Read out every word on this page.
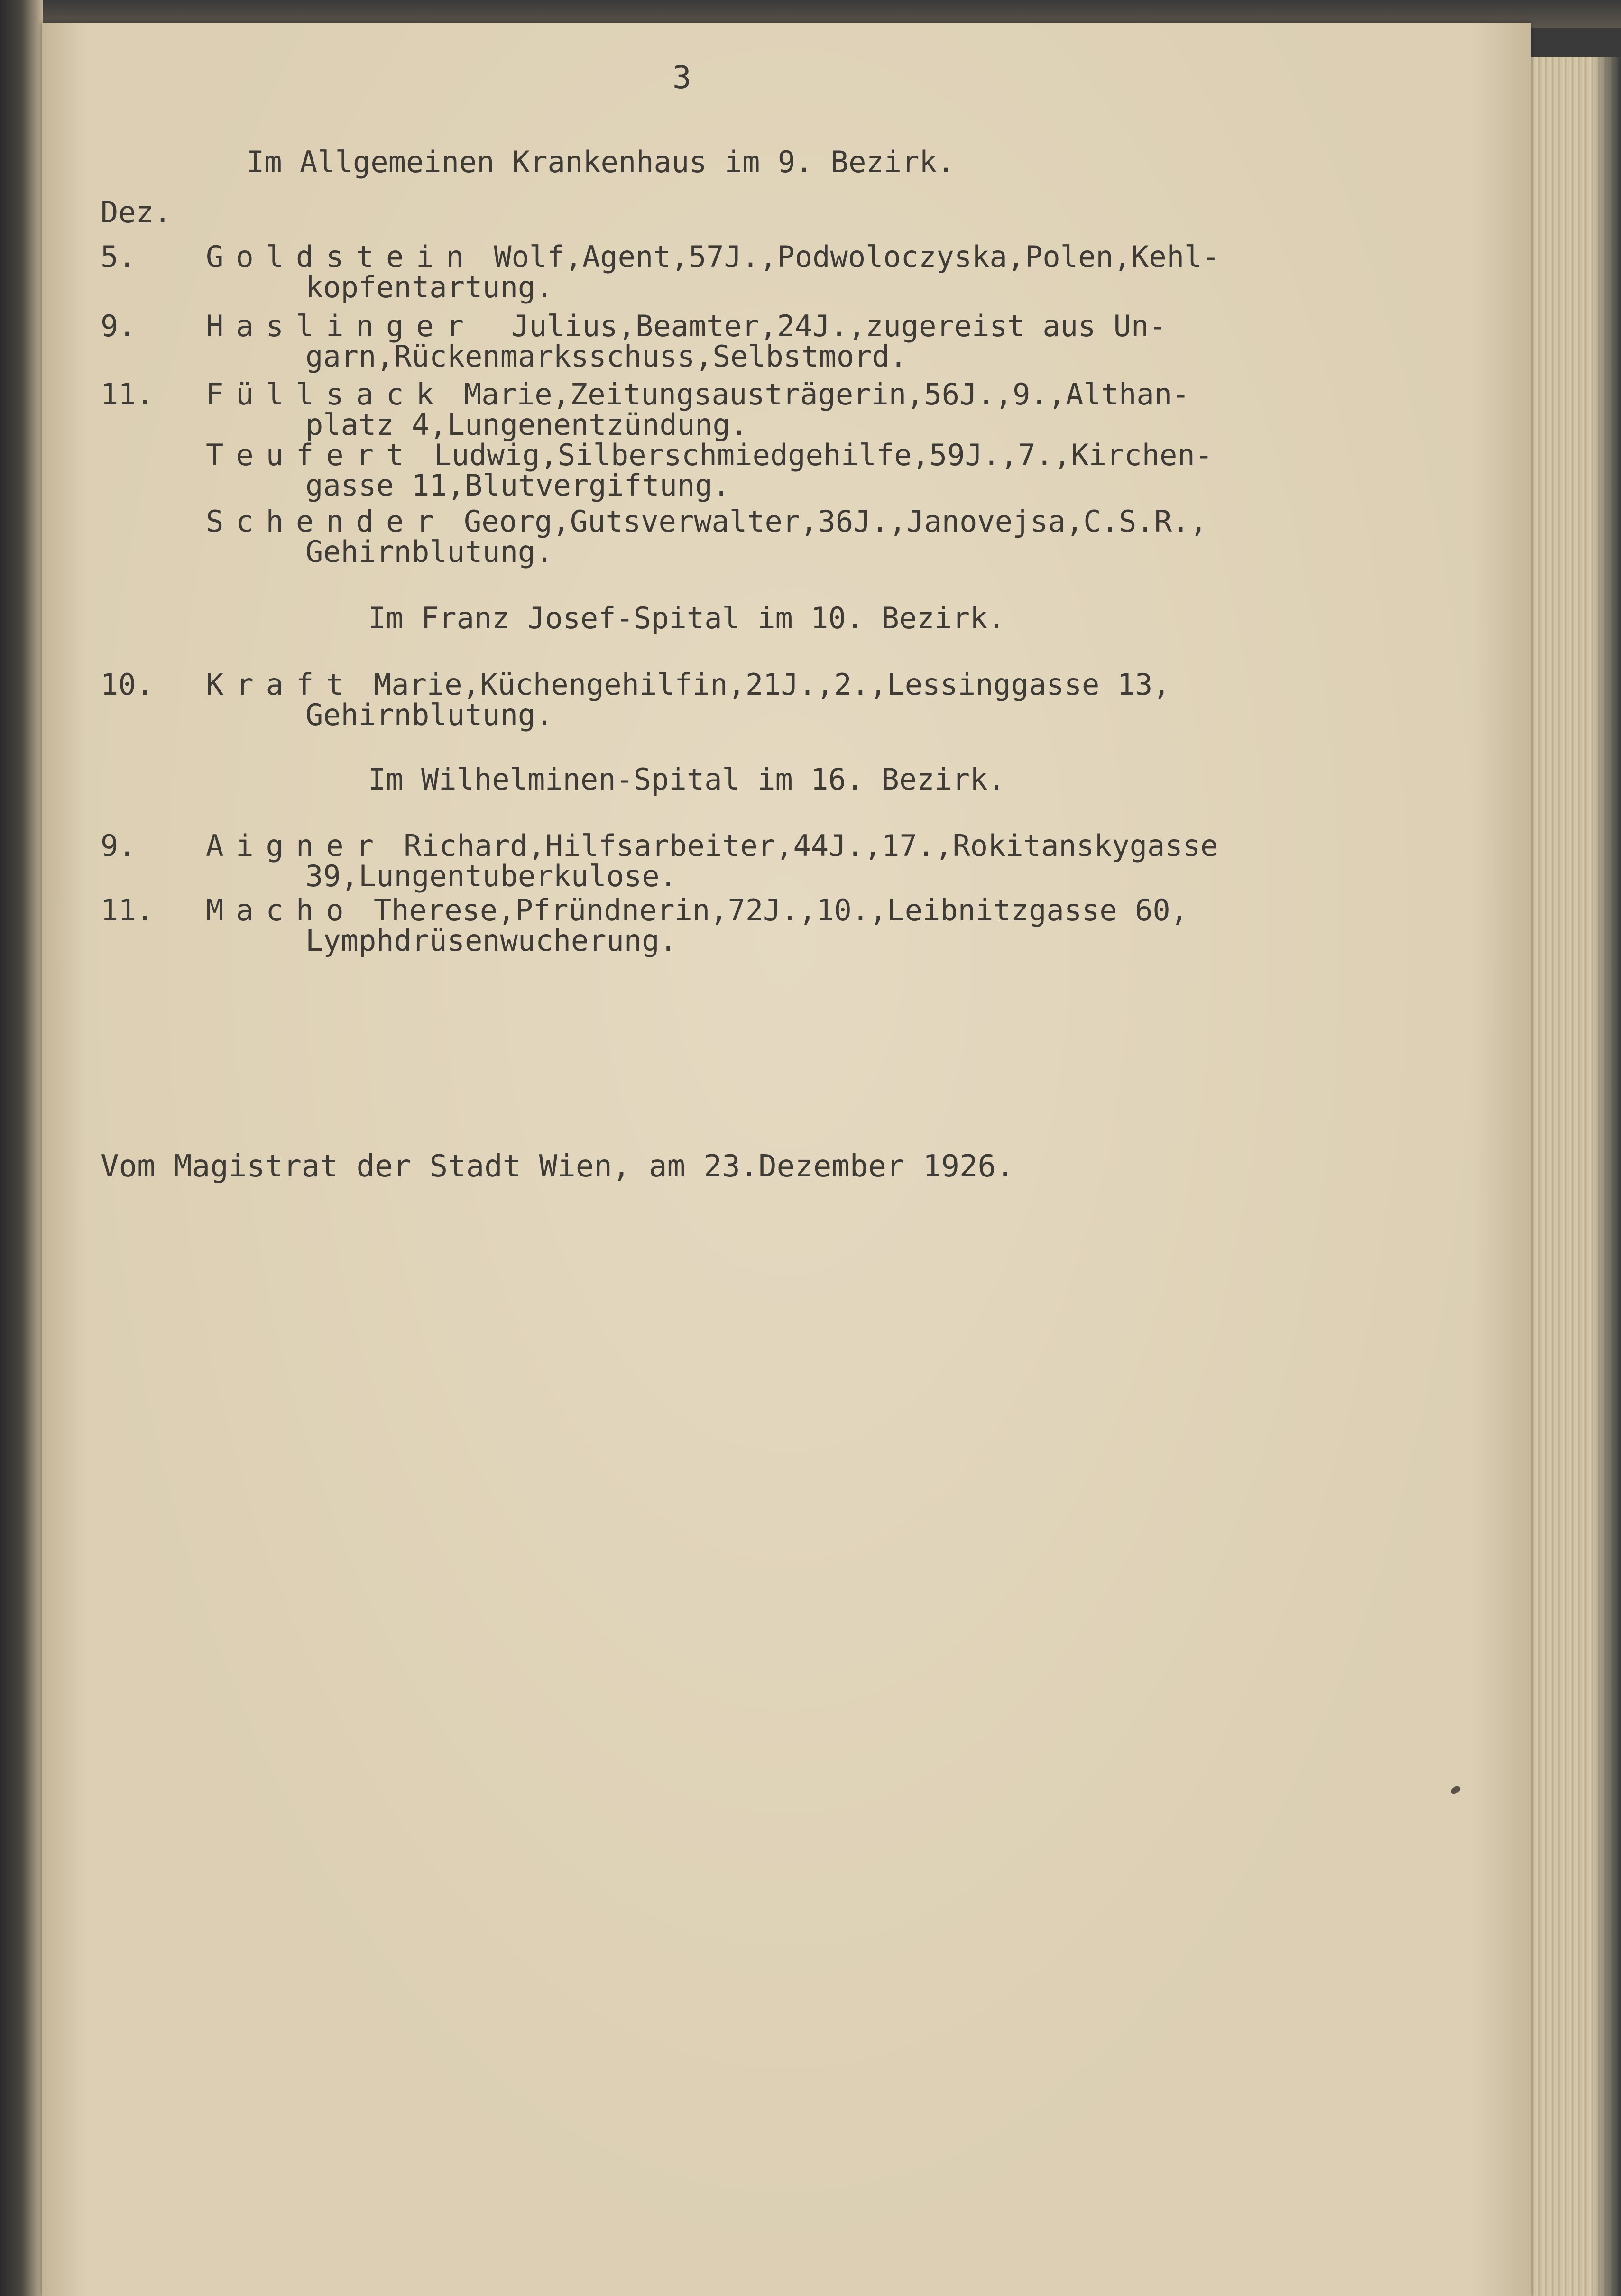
3
Im Allgemeinen Krankenhaus im 9. Bezirk.
Dez.
5.	Goldstein Wolf,Agent,57J.,Podwoloczyska,Polen,Kehl-
kopfentartung.
9.	Haslinger  Julius,Beamter,24J.,zugereist aus Un-
garn,Rückenmarksschuss,Selbstmord.
11.	Füllsack Marie,Zeitungsausträgerin,56J.,9.,Althan-
platz 4,Lungenentzündung.
Teufert Ludwig,Silberschmiedgehilfe,59J.,7.,Kirchen-
gasse 11,Blutvergiftung.
Schender Georg,Gutsverwalter,36J.,Janovejsa,C.S.R.,
Gehirnblutung.
Im Franz Josef-Spital im 10. Bezirk.
10.	Kraft Marie,Küchengehilfin,21J.,2.,Lessinggasse 13,
Gehirnblutung.
Im Wilhelminen-Spital im 16. Bezirk.
9.	Aigner Richard,Hilfsarbeiter,44J.,17.,Rokitanskygasse
39,Lungentuberkulose.
11.	Macho Therese,Pfründnerin,72J.,10.,Leibnitzgasse 60,
Lymphdrüsenwucherung.
Vom Magistrat der Stadt Wien, am 23.Dezember 1926.
